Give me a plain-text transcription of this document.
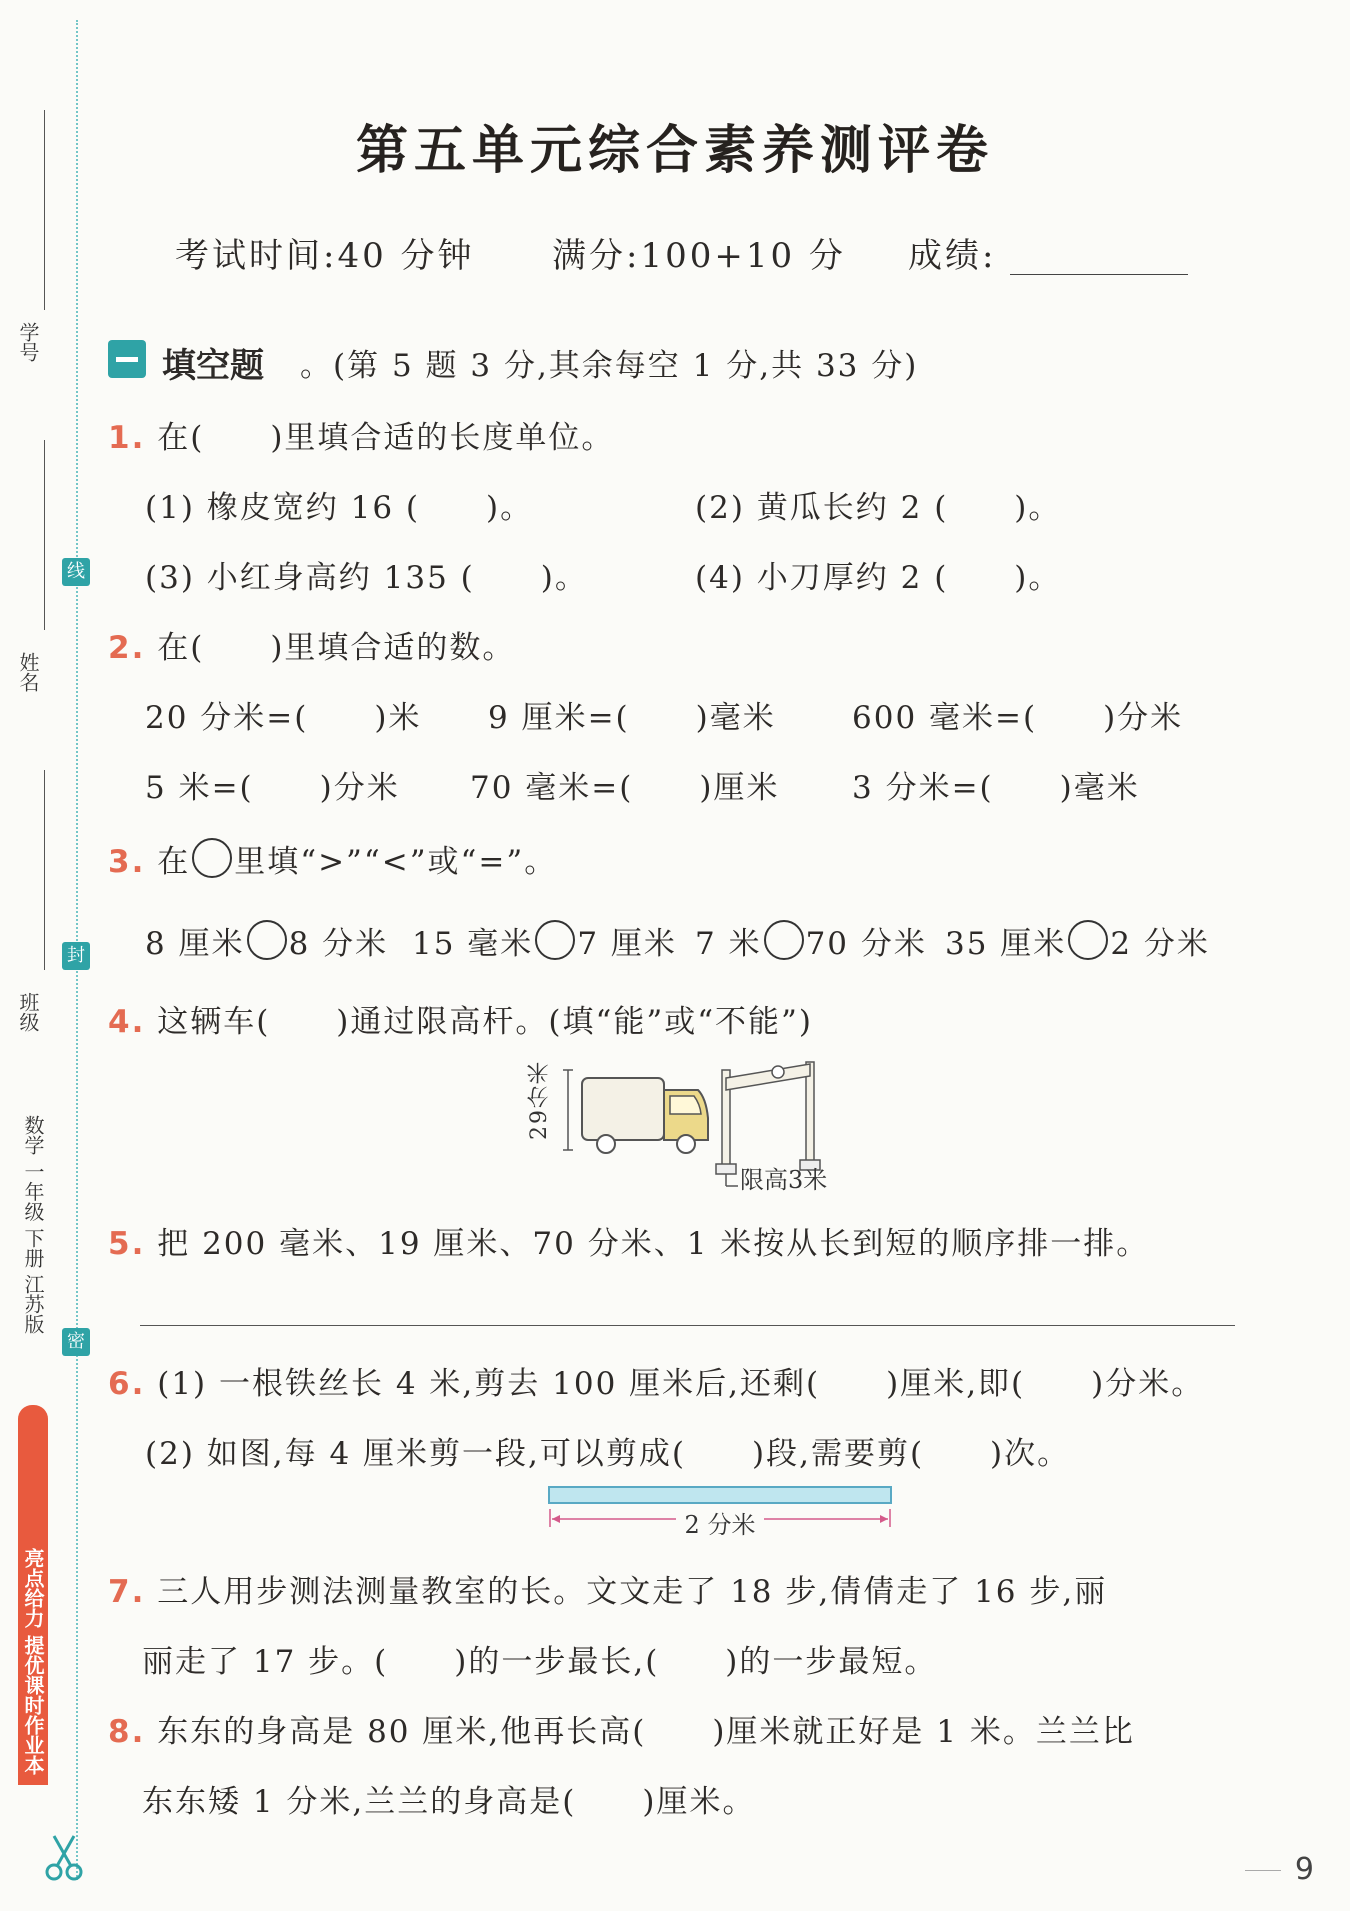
学号
姓名
班级
线
封
密
数学 一年级 下册 江苏版
亮点给力 提优课时作业本
第五单元综合素养测评卷
考试时间:40 分钟 满分:100+10 分 成绩:
填空题 。(第 5 题 3 分,其余每空 1 分,共 33 分)
1. 在(　　)里填合适的长度单位。
(1) 橡皮宽约 16 (　　)。	(2) 黄瓜长约 2 (　　)。
(3) 小红身高约 135 (　　)。	(4) 小刀厚约 2 (　　)。
2. 在(　　)里填合适的数。
20 分米=(　　)米 9 厘米=(　　)毫米 600 毫米=(　　)分米
5 米=(　　)分米 70 毫米=(　　)厘米 3 分米=(　　)毫米
3. 在 里填“>”“<”或“=”。
8 厘米 8 分米 15 毫米 7 厘米 7 米 70 分米 35 厘米 2 分米
4. 这辆车(　　)通过限高杆。(填“能”或“不能”)
29分米
限高3米
5. 把 200 毫米、19 厘米、70 分米、1 米按从长到短的顺序排一排。
6. (1) 一根铁丝长 4 米,剪去 100 厘米后,还剩(　　)厘米,即(　　)分米。
(2) 如图,每 4 厘米剪一段,可以剪成(　　)段,需要剪(　　)次。
2 分米
7. 三人用步测法测量教室的长。文文走了 18 步,倩倩走了 16 步,丽
丽走了 17 步。(　　)的一步最长,(　　)的一步最短。
8. 东东的身高是 80 厘米,他再长高(　　)厘米就正好是 1 米。兰兰比
东东矮 1 分米,兰兰的身高是(　　)厘米。
9
